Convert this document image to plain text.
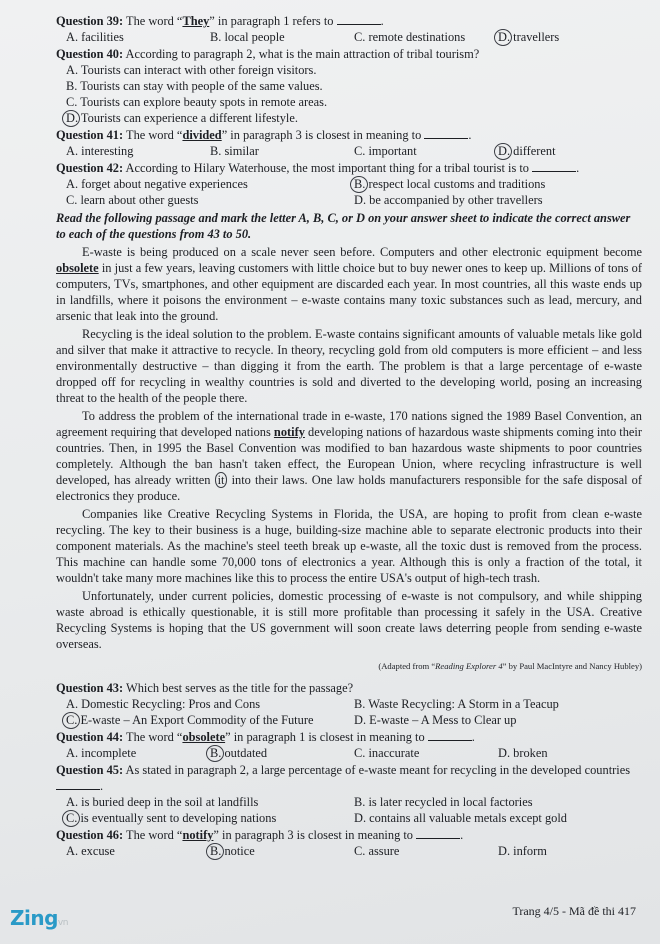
Question 39: The word “They” in paragraph 1 refers to	.
A. facilities	B. local people	C. remote destinations	D. travellers
Question 40: According to paragraph 2, what is the main attraction of tribal tourism?
A. Tourists can interact with other foreign visitors.
B. Tourists can stay with people of the same values.
C. Tourists can explore beauty spots in remote areas.
D. Tourists can experience a different lifestyle.
Question 41: The word “divided” in paragraph 3 is closest in meaning to	.
A. interesting	B. similar	C. important	D. different
Question 42: According to Hilary Waterhouse, the most important thing for a tribal tourist is to	.
A. forget about negative experiences	B. respect local customs and traditions
C. learn about other guests	D. be accompanied by other travellers
Read the following passage and mark the letter A, B, C, or D on your answer sheet to indicate the correct answer to each of the questions from 43 to 50.
E-waste is being produced on a scale never seen before. Computers and other electronic equipment become obsolete in just a few years, leaving customers with little choice but to buy newer ones to keep up. Millions of tons of computers, TVs, smartphones, and other equipment are discarded each year. In most countries, all this waste ends up in landfills, where it poisons the environment – e-waste contains many toxic substances such as lead, mercury, and arsenic that leak into the ground.
Recycling is the ideal solution to the problem. E-waste contains significant amounts of valuable metals like gold and silver that make it attractive to recycle. In theory, recycling gold from old computers is more efficient – and less environmentally destructive – than digging it from the earth. The problem is that a large percentage of e-waste dropped off for recycling in wealthy countries is sold and diverted to the developing world, posing an increasing threat to the health of the people there.
To address the problem of the international trade in e-waste, 170 nations signed the 1989 Basel Convention, an agreement requiring that developed nations notify developing nations of hazardous waste shipments coming into their countries. Then, in 1995 the Basel Convention was modified to ban hazardous waste shipments to poor countries completely. Although the ban hasn't taken effect, the European Union, where recycling infrastructure is well developed, has already written it into their laws. One law holds manufacturers responsible for the safe disposal of electronics they produce.
Companies like Creative Recycling Systems in Florida, the USA, are hoping to profit from clean e-waste recycling. The key to their business is a huge, building-size machine able to separate electronic products into their component materials. As the machine's steel teeth break up e-waste, all the toxic dust is removed from the process. This machine can handle some 70,000 tons of electronics a year. Although this is only a fraction of the total, it wouldn't take many more machines like this to process the entire USA's output of high-tech trash.
Unfortunately, under current policies, domestic processing of e-waste is not compulsory, and while shipping waste abroad is ethically questionable, it is still more profitable than processing it safely in the USA. Creative Recycling Systems is hoping that the US government will soon create laws deterring people from sending e-waste overseas.
(Adapted from “Reading Explorer 4” by Paul MacIntyre and Nancy Hubley)
Question 43: Which best serves as the title for the passage?
A. Domestic Recycling: Pros and Cons	B. Waste Recycling: A Storm in a Teacup
C. E-waste – An Export Commodity of the Future	D. E-waste – A Mess to Clear up
Question 44: The word “obsolete” in paragraph 1 is closest in meaning to	.
A. incomplete	B. outdated	C. inaccurate	D. broken
Question 45: As stated in paragraph 2, a large percentage of e-waste meant for recycling in the developed countries .
A. is buried deep in the soil at landfills	B. is later recycled in local factories
C. is eventually sent to developing nations	D. contains all valuable metals except gold
Question 46: The word “notify” in paragraph 3 is closest in meaning to	.
A. excuse	B. notice	C. assure	D. inform
Zingvn
Trang 4/5 - Mã đề thi 417
